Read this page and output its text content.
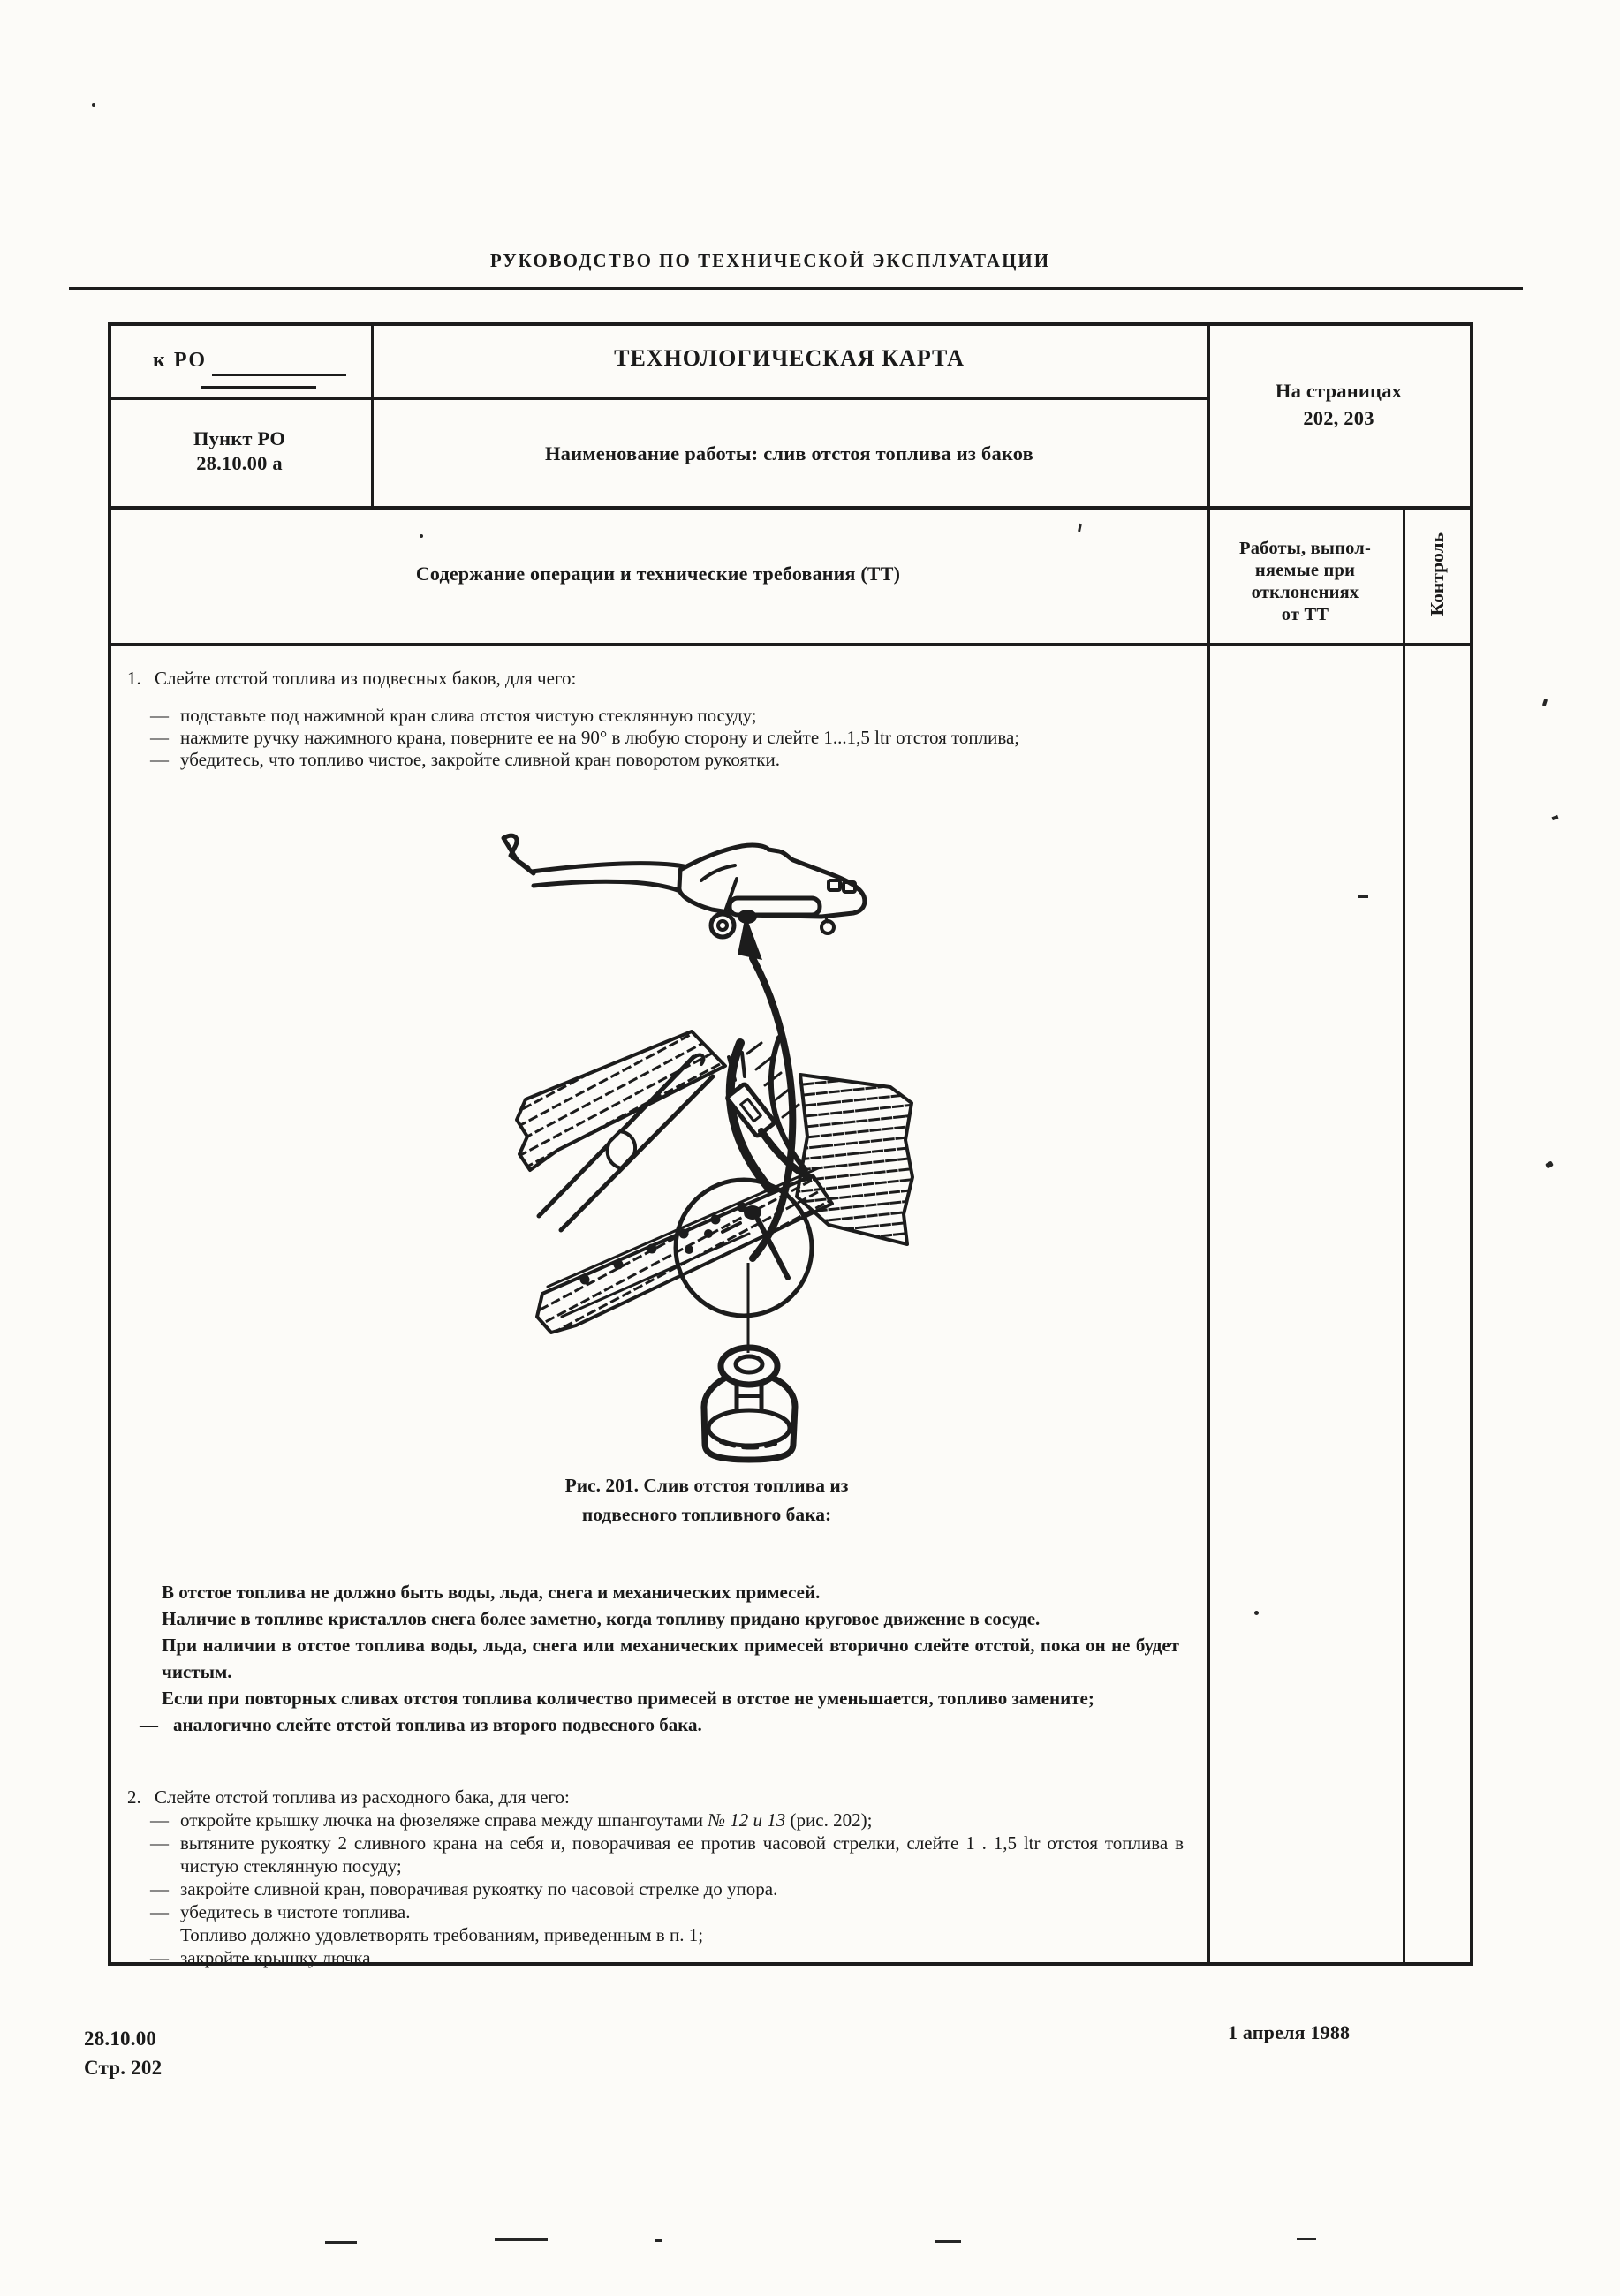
РУКОВОДСТВО ПО ТЕХНИЧЕСКОЙ ЭКСПЛУАТАЦИИ
к РО
Пункт РО
28.10.00 а
ТЕХНОЛОГИЧЕСКАЯ КАРТА
Наименование работы: слив отстоя топлива из баков
На страницах
202, 203
Содержание операции и технические требования (ТТ)
Работы, выпол-
няемые при
отклонениях
от ТТ	Контроль
1. Слейте отстой топлива из подвесных баков, для чего:
— подставьте под нажимной кран слива отстоя чистую стеклянную посуду;
— нажмите ручку нажимного крана, поверните ее на 90° в любую сторону и слейте 1...1,5 ltr отстоя топлива;
— убедитесь, что топливо чистое, закройте сливной кран поворотом рукоятки.
Рис. 201. Слив отстоя топлива из
подвесного топливного бака:

В отстое топлива не должно быть воды, льда, снега и механических примесей.

Наличие в топливе кристаллов снега более заметно, когда топливу придано круговое движение в сосуде.

При наличии в отстое топлива воды, льда, снега или механических примесей вторично слейте отстой, пока он не будет чистым.

Если при повторных сливах отстоя топлива количество примесей в отстое не уменьшается, топливо замените;

— аналогично слейте отстой топлива из второго подвесного бака.
2. Слейте отстой топлива из расходного бака, для чего:
— откройте крышку лючка на фюзеляже справа между шпангоутами № 12 и 13 (рис. 202);
— вытяните рукоятку 2 сливного крана на себя и, поворачивая ее против часовой стрелки, слейте 1 . 1,5 ltr отстоя топлива в чистую стеклянную посуду;
— закройте сливной кран, поворачивая рукоятку по часовой стрелке до упора.
— убедитесь в чистоте топлива.
Топливо должно удовлетворять требованиям, приведенным в п. 1;
— закройте крышку лючка
28.10.00
Стр. 202
1 апреля 1988
